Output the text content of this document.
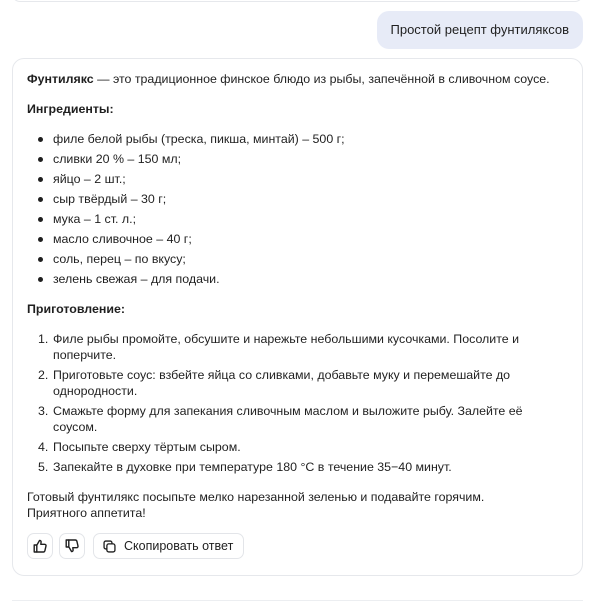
Простой рецепт фунтиляксов

Фунтилякс — это традиционное финское блюдо из рыбы, запечённой в сливочном соусе.

Ингредиенты:

филе белой рыбы (треска, пикша, минтай) – 500 г;
сливки 20 % – 150 мл;
яйцо – 2 шт.;
сыр твёрдый – 30 г;
мука – 1 ст. л.;
масло сливочное – 40 г;
соль, перец – по вкусу;
зелень свежая – для подачи.

Приготовление:

1. Филе рыбы промойте, обсушите и нарежьте небольшими кусочками. Посолите и поперчите.
2. Приготовьте соус: взбейте яйца со сливками, добавьте муку и перемешайте до однородности.
3. Смажьте форму для запекания сливочным маслом и выложите рыбу. Залейте её соусом.
4. Посыпьте сверху тёртым сыром.
5. Запекайте в духовке при температуре 180 °C в течение 35−40 минут.

Готовый фунтилякс посыпьте мелко нарезанной зеленью и подавайте горячим.
Приятного аппетита!

Скопировать ответ
